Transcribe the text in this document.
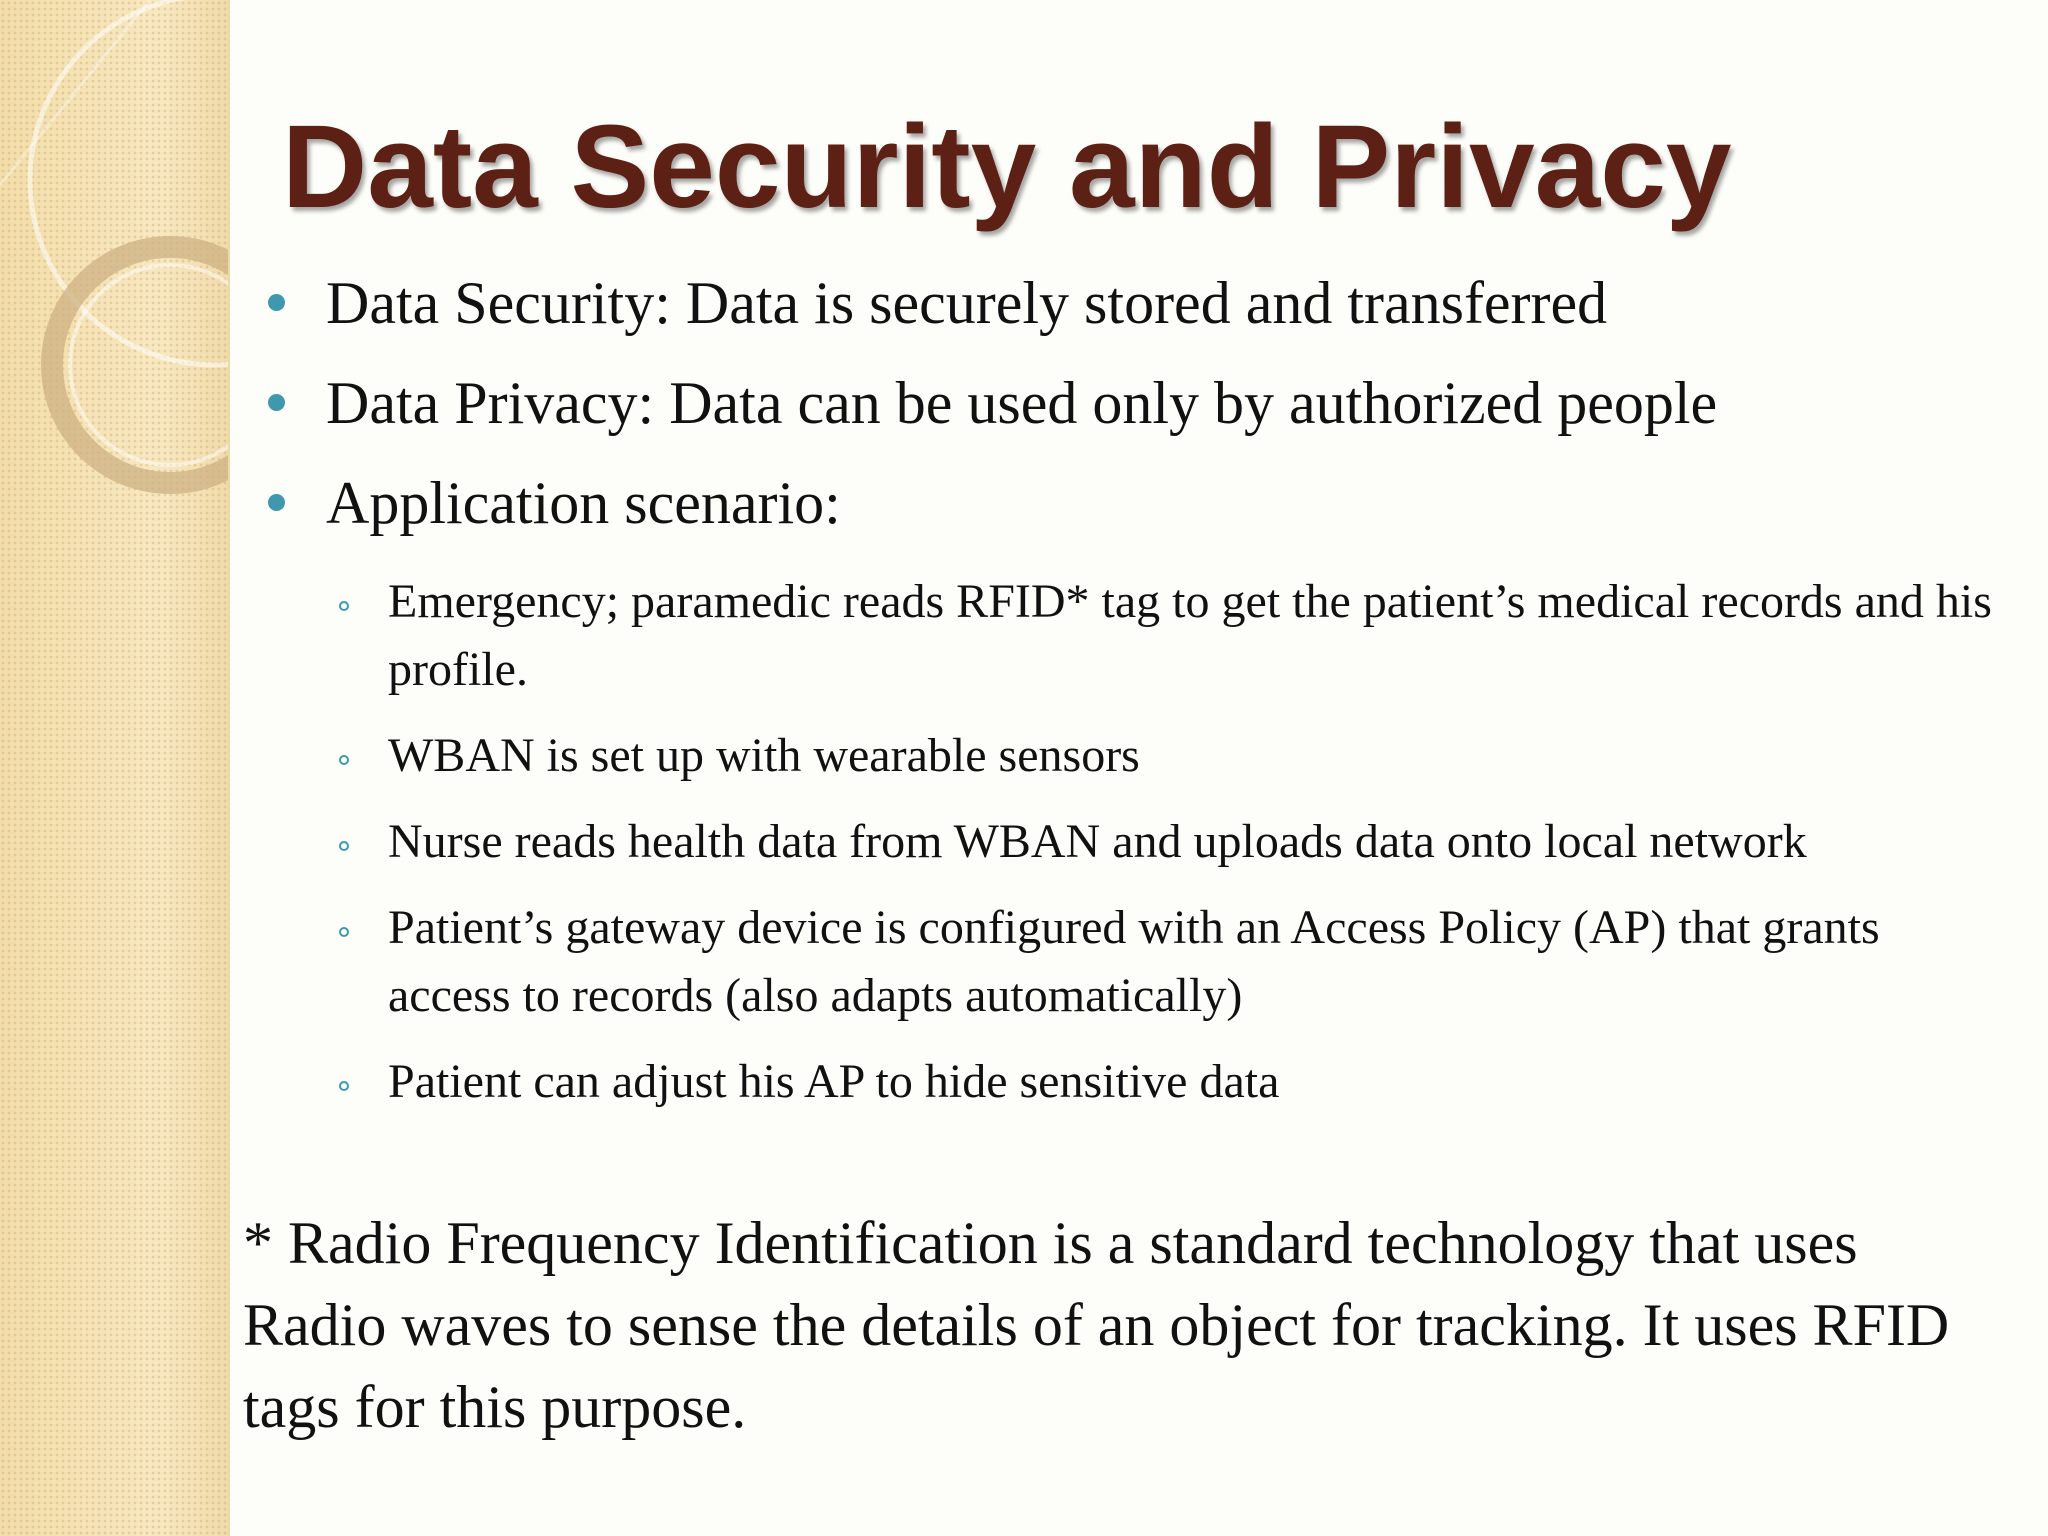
Data Security and Privacy
Data Security: Data is securely stored and transferred
Data Privacy: Data can be used only by authorized people
Application scenario:
Emergency; paramedic reads RFID* tag to get the patient’s medical records and his profile.
WBAN is set up with wearable sensors
Nurse reads health data from WBAN and uploads data onto local network
Patient’s gateway device is configured with an Access Policy (AP) that grants access to records (also adapts automatically)
Patient can adjust his AP to hide sensitive data

* Radio Frequency Identification is a standard technology that uses Radio waves to sense the details of an object for tracking. It uses RFID tags for this purpose.
